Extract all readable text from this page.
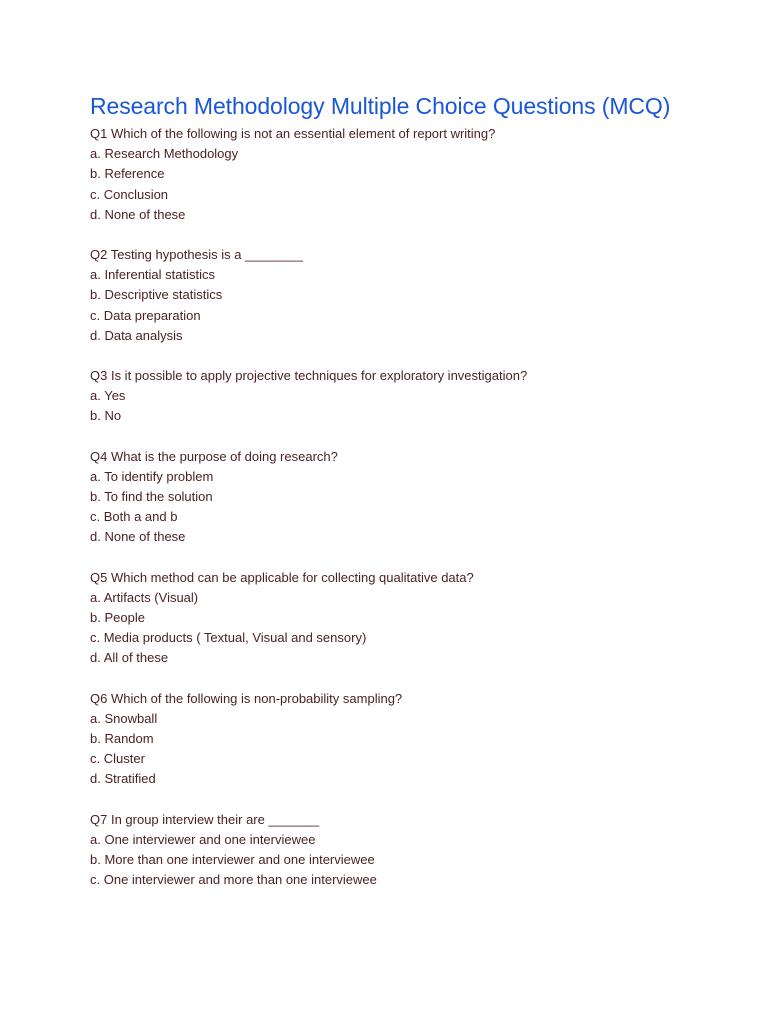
Research Methodology Multiple Choice Questions (MCQ)
Q1 Which of the following is not an essential element of report writing?
a. Research Methodology
b. Reference
c. Conclusion
d. None of these
Q2 Testing hypothesis is a ________
a. Inferential statistics
b. Descriptive statistics
c. Data preparation
d. Data analysis
Q3 Is it possible to apply projective techniques for exploratory investigation?
a. Yes
b. No
Q4 What is the purpose of doing research?
a. To identify problem
b. To find the solution
c. Both a and b
d. None of these
Q5 Which method can be applicable for collecting qualitative data?
a. Artifacts (Visual)
b. People
c. Media products ( Textual, Visual and sensory)
d. All of these
Q6 Which of the following is non-probability sampling?
a. Snowball
b. Random
c. Cluster
d. Stratified
Q7 In group interview their are _______
a. One interviewer and one interviewee
b. More than one interviewer and one interviewee
c. One interviewer and more than one interviewee
